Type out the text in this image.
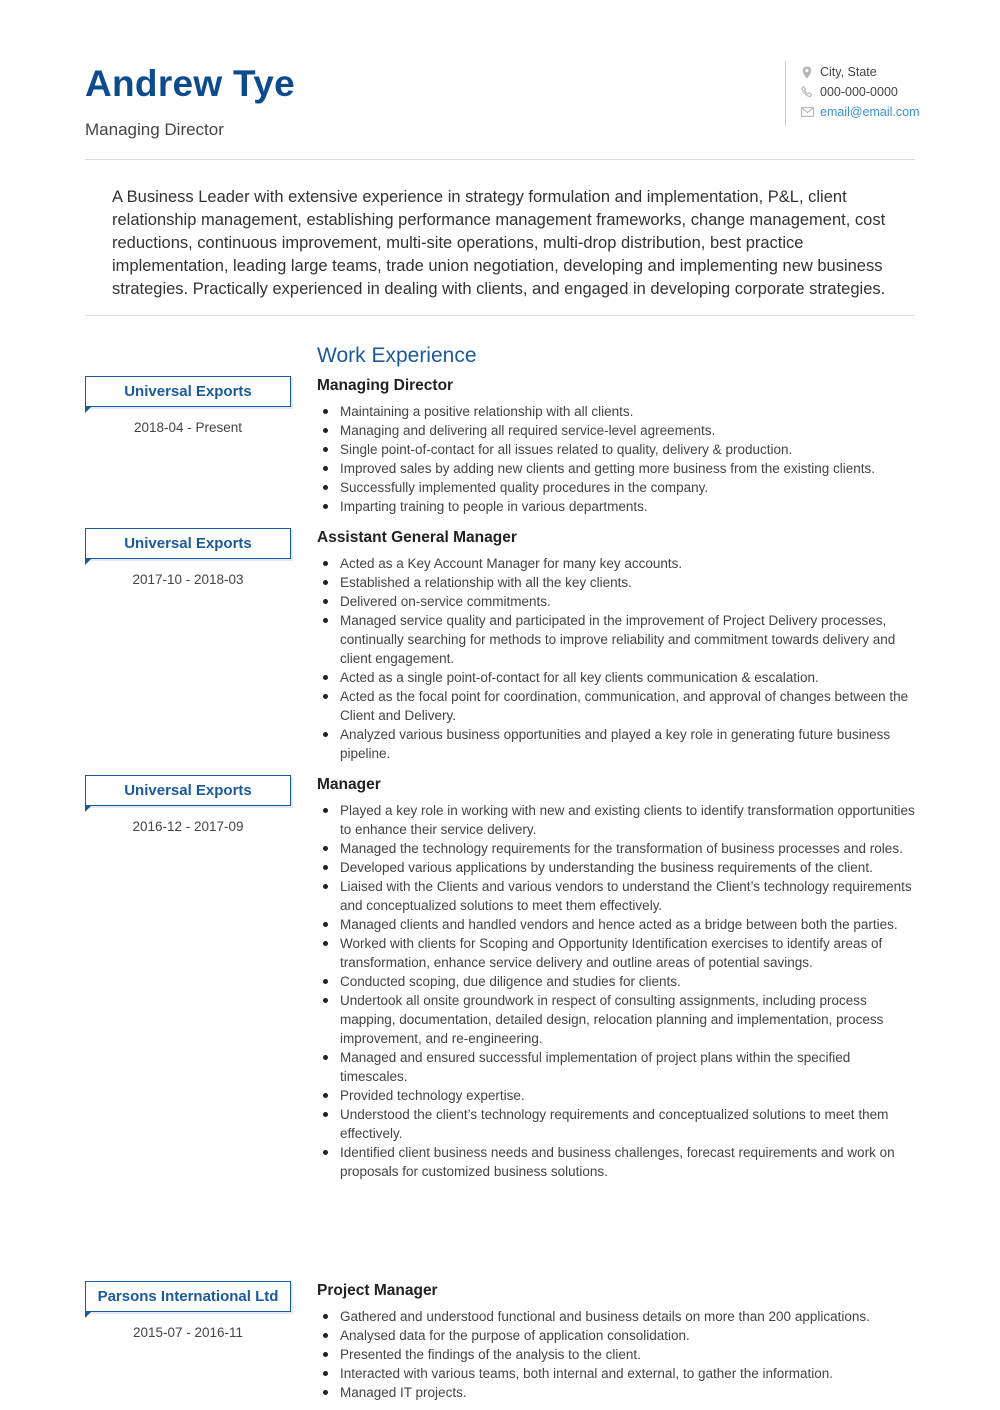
Andrew Tye
Managing Director
City, State
000-000-0000
email@email.com
A Business Leader with extensive experience in strategy formulation and implementation, P&L, client relationship management, establishing performance management frameworks, change management, cost reductions, continuous improvement, multi-site operations, multi-drop distribution, best practice implementation, leading large teams, trade union negotiation, developing and implementing new business strategies. Practically experienced in dealing with clients, and engaged in developing corporate strategies.
Work Experience
Universal Exports
2018-04 - Present
Managing Director
Maintaining a positive relationship with all clients.
Managing and delivering all required service-level agreements.
Single point-of-contact for all issues related to quality, delivery & production.
Improved sales by adding new clients and getting more business from the existing clients.
Successfully implemented quality procedures in the company.
Imparting training to people in various departments.
Universal Exports
2017-10 - 2018-03
Assistant General Manager
Acted as a Key Account Manager for many key accounts.
Established a relationship with all the key clients.
Delivered on-service commitments.
Managed service quality and participated in the improvement of Project Delivery processes, continually searching for methods to improve reliability and commitment towards delivery and client engagement.
Acted as a single point-of-contact for all key clients communication & escalation.
Acted as the focal point for coordination, communication, and approval of changes between the Client and Delivery.
Analyzed various business opportunities and played a key role in generating future business pipeline.
Universal Exports
2016-12 - 2017-09
Manager
Played a key role in working with new and existing clients to identify transformation opportunities to enhance their service delivery.
Managed the technology requirements for the transformation of business processes and roles.
Developed various applications by understanding the business requirements of the client.
Liaised with the Clients and various vendors to understand the Client’s technology requirements and conceptualized solutions to meet them effectively.
Managed clients and handled vendors and hence acted as a bridge between both the parties.
Worked with clients for Scoping and Opportunity Identification exercises to identify areas of transformation, enhance service delivery and outline areas of potential savings.
Conducted scoping, due diligence and studies for clients.
Undertook all onsite groundwork in respect of consulting assignments, including process mapping, documentation, detailed design, relocation planning and implementation, process improvement, and re-engineering.
Managed and ensured successful implementation of project plans within the specified timescales.
Provided technology expertise.
Understood the client’s technology requirements and conceptualized solutions to meet them effectively.
Identified client business needs and business challenges, forecast requirements and work on proposals for customized business solutions.
Parsons International Ltd
2015-07 - 2016-11
Project Manager
Gathered and understood functional and business details on more than 200 applications.
Analysed data for the purpose of application consolidation.
Presented the findings of the analysis to the client.
Interacted with various teams, both internal and external, to gather the information.
Managed IT projects.
